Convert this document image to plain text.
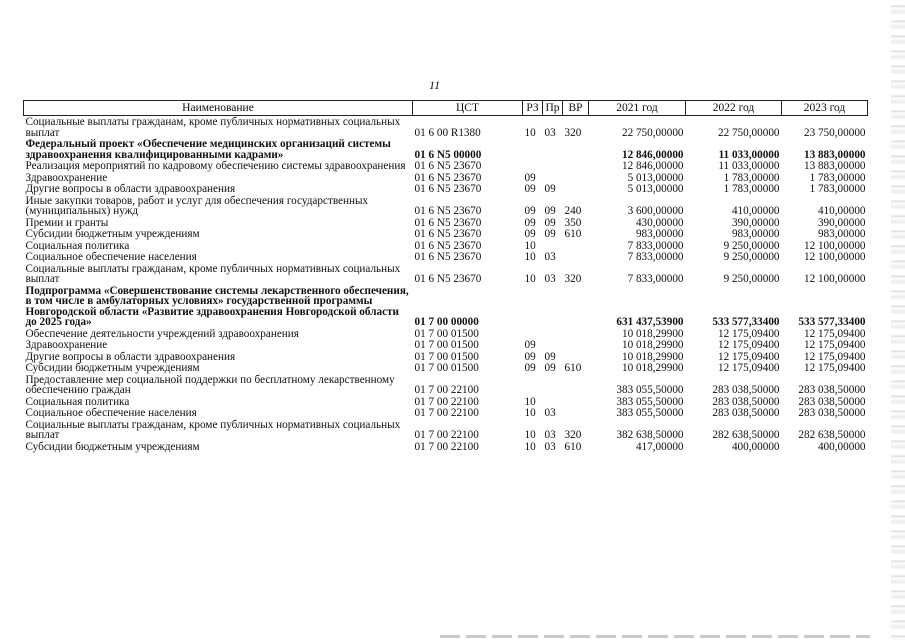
11
Наименование	ЦСТ	РЗ	Пр	ВР	2021 год	2022 год	2023 год
Социальные выплаты гражданам, кроме публичных нормативных социальных выплат	01 6 00 R1380	10	03	320	22 750,00000	22 750,00000	23 750,00000
Федеральный проект «Обеспечение медицинских организаций системы здравоохранения квалифицированными кадрами»	01 6 N5 00000				12 846,00000	11 033,00000	13 883,00000
Реализация мероприятий по кадровому обеспечению системы здравоохранения	01 6 N5 23670				12 846,00000	11 033,00000	13 883,00000
Здравоохранение	01 6 N5 23670	09			5 013,00000	1 783,00000	1 783,00000
Другие вопросы в области здравоохранения	01 6 N5 23670	09	09		5 013,00000	1 783,00000	1 783,00000
Иные закупки товаров, работ и услуг для обеспечения государственных (муниципальных) нужд	01 6 N5 23670	09	09	240	3 600,00000	410,00000	410,00000
Премии и гранты	01 6 N5 23670	09	09	350	430,00000	390,00000	390,00000
Субсидии бюджетным учреждениям	01 6 N5 23670	09	09	610	983,00000	983,00000	983,00000
Социальная политика	01 6 N5 23670	10			7 833,00000	9 250,00000	12 100,00000
Социальное обеспечение населения	01 6 N5 23670	10	03		7 833,00000	9 250,00000	12 100,00000
Социальные выплаты гражданам, кроме публичных нормативных социальных выплат	01 6 N5 23670	10	03	320	7 833,00000	9 250,00000	12 100,00000
Подпрограмма «Совершенствование системы лекарственного обеспечения, в том числе в амбулаторных условиях» государственной программы Новгородской области «Развитие здравоохранения Новгородской области до 2025 года»	01 7 00 00000				631 437,53900	533 577,33400	533 577,33400
Обеспечение деятельности учреждений здравоохранения	01 7 00 01500				10 018,29900	12 175,09400	12 175,09400
Здравоохранение	01 7 00 01500	09			10 018,29900	12 175,09400	12 175,09400
Другие вопросы в области здравоохранения	01 7 00 01500	09	09		10 018,29900	12 175,09400	12 175,09400
Субсидии бюджетным учреждениям	01 7 00 01500	09	09	610	10 018,29900	12 175,09400	12 175,09400
Предоставление мер социальной поддержки по бесплатному лекарственному обеспечению граждан	01 7 00 22100				383 055,50000	283 038,50000	283 038,50000
Социальная политика	01 7 00 22100	10			383 055,50000	283 038,50000	283 038,50000
Социальное обеспечение населения	01 7 00 22100	10	03		383 055,50000	283 038,50000	283 038,50000
Социальные выплаты гражданам, кроме публичных нормативных социальных выплат	01 7 00 22100	10	03	320	382 638,50000	282 638,50000	282 638,50000
Субсидии бюджетным учреждениям	01 7 00 22100	10	03	610	417,00000	400,00000	400,00000
